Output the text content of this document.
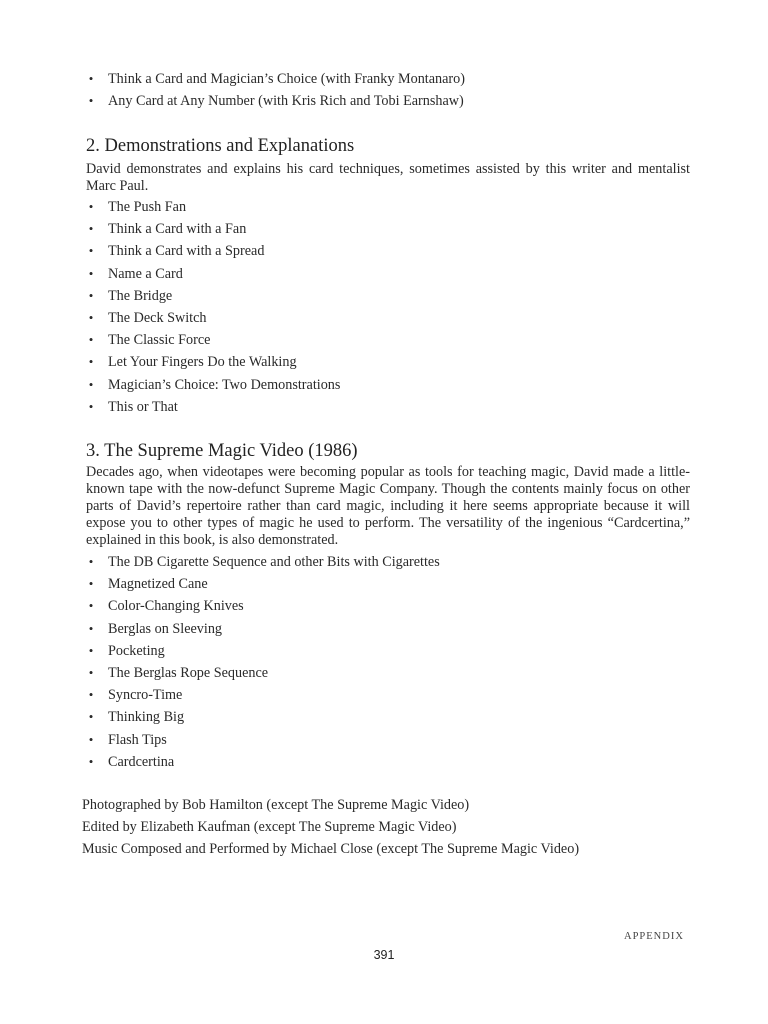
• Think a Card and Magician’s Choice (with Franky Montanaro)
• Any Card at Any Number (with Kris Rich and Tobi Earnshaw)
2. Demonstrations and Explanations
David demonstrates and explains his card techniques, sometimes assisted by this writer and mentalist Marc Paul.
• The Push Fan
• Think a Card with a Fan
• Think a Card with a Spread
• Name a Card
• The Bridge
• The Deck Switch
• The Classic Force
• Let Your Fingers Do the Walking
• Magician’s Choice: Two Demonstrations
• This or That
3. The Supreme Magic Video (1986)
Decades ago, when videotapes were becoming popular as tools for teaching magic, David made a little-known tape with the now-defunct Supreme Magic Company. Though the contents mainly focus on other parts of David’s repertoire rather than card magic, including it here seems appropriate because it will expose you to other types of magic he used to perform. The versatility of the ingenious “Cardcertina,” explained in this book, is also demonstrated.
• The DB Cigarette Sequence and other Bits with Cigarettes
• Magnetized Cane
• Color-Changing Knives
• Berglas on Sleeving
• Pocketing
• The Berglas Rope Sequence
• Syncro-Time
• Thinking Big
• Flash Tips
• Cardcertina
Photographed by Bob Hamilton (except The Supreme Magic Video)
Edited by Elizabeth Kaufman (except The Supreme Magic Video)
Music Composed and Performed by Michael Close (except The Supreme Magic Video)
APPENDIX
391
